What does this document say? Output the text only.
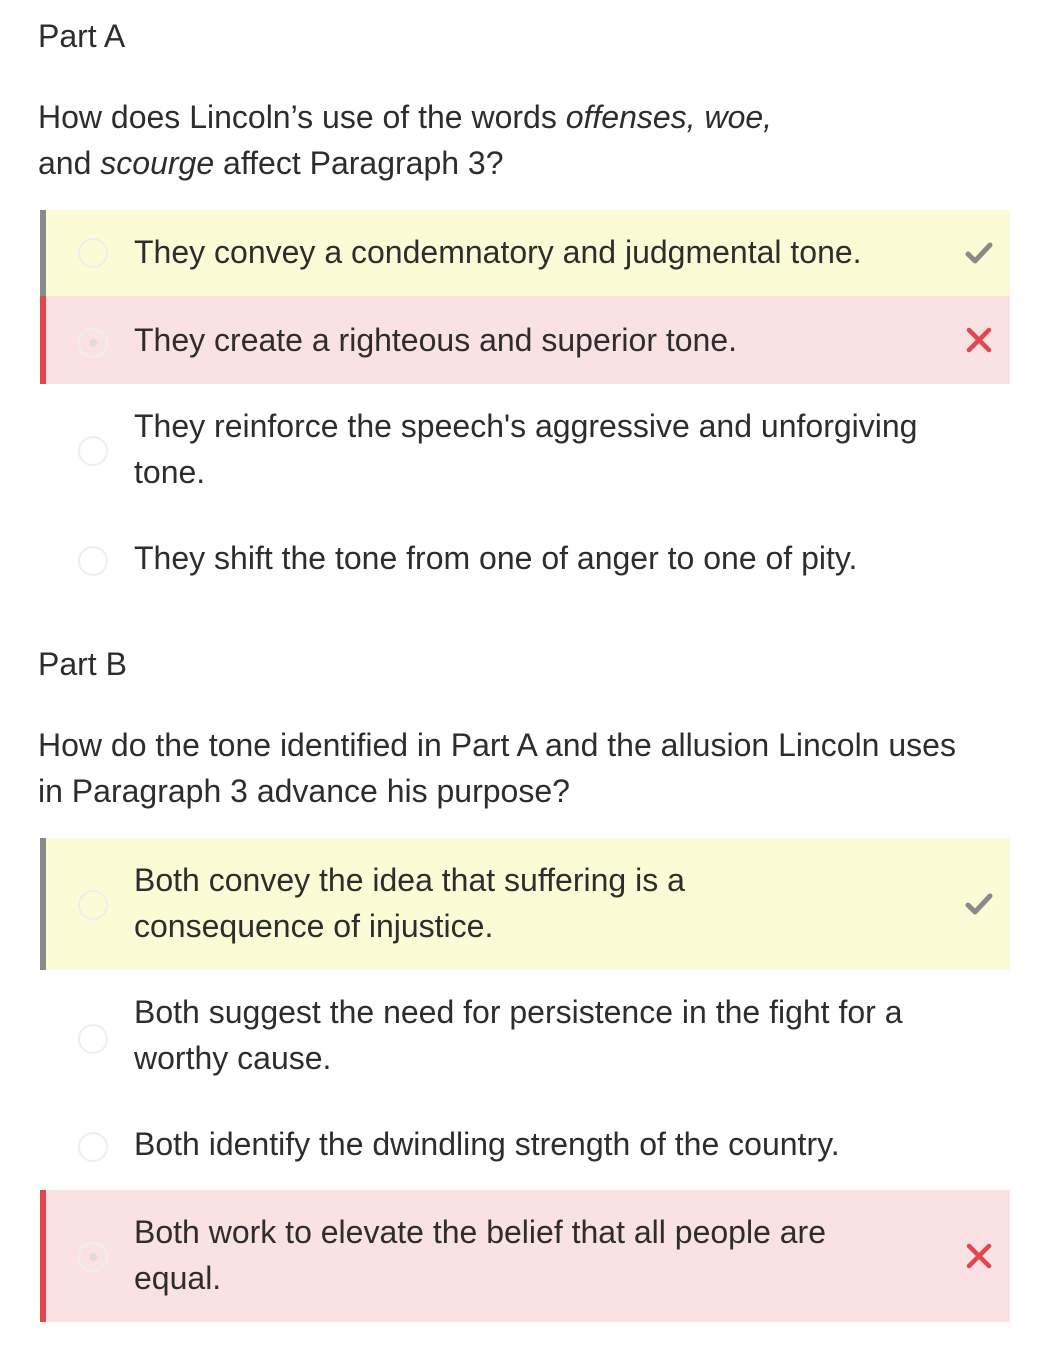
Part A
How does Lincoln’s use of the words offenses, woe,
and scourge affect Paragraph 3?
They convey a condemnatory and judgmental tone.
They create a righteous and superior tone.
They reinforce the speech's aggressive and unforgiving tone.
They shift the tone from one of anger to one of pity.
Part B
How do the tone identified in Part A and the allusion Lincoln uses in Paragraph 3 advance his purpose?
Both convey the idea that suffering is a consequence of injustice.
Both suggest the need for persistence in the fight for a worthy cause.
Both identify the dwindling strength of the country.
Both work to elevate the belief that all people are equal.
